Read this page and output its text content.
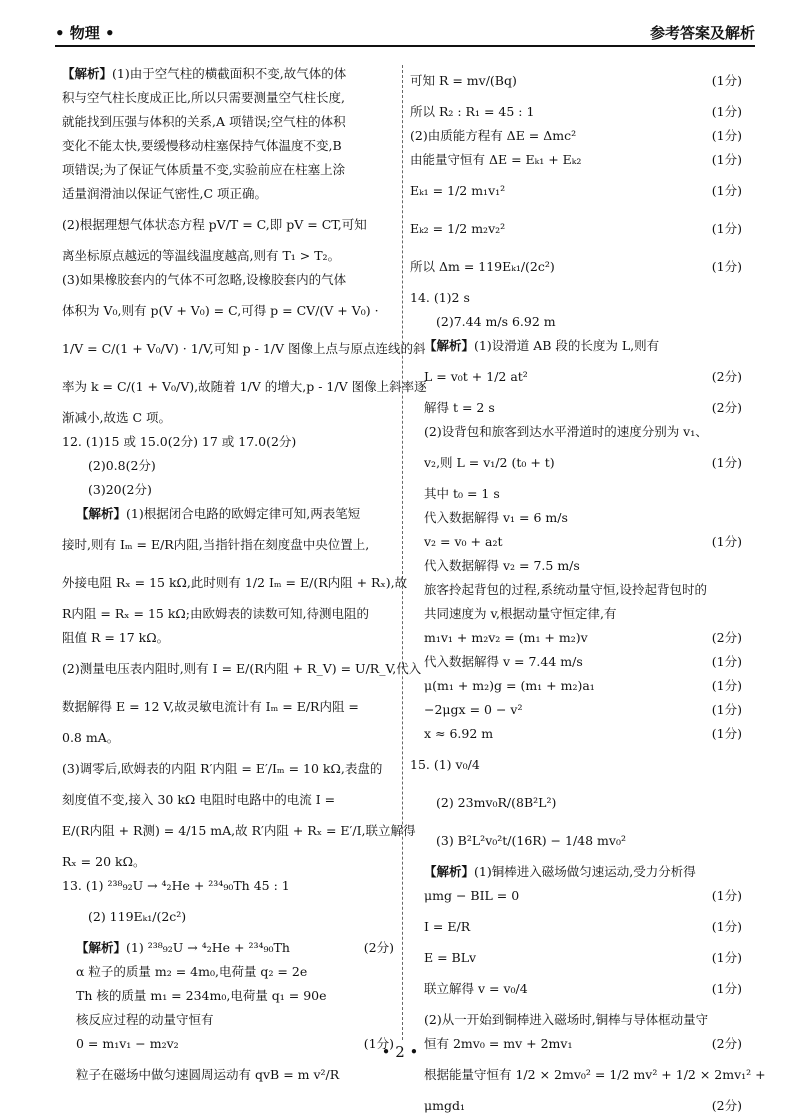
• 物理 •	参考答案及解析
【解析】(1)由于空气柱的横截面积不变,故气体的体
积与空气柱长度成正比,所以只需要测量空气柱长度,
就能找到压强与体积的关系,A 项错误;空气柱的体积
变化不能太快,要缓慢移动柱塞保持气体温度不变,B
项错误;为了保证气体质量不变,实验前应在柱塞上涂
适量润滑油以保证气密性,C 项正确。
(2)根据理想气体状态方程 pV/T = C,即 pV = CT,可知
离坐标原点越远的等温线温度越高,则有 T₁ > T₂。
(3)如果橡胶套内的气体不可忽略,设橡胶套内的气体
体积为 V₀,则有 p(V + V₀) = C,可得 p = CV/(V + V₀) ·
1/V = C/(1 + V₀/V) · 1/V,可知 p - 1/V 图像上点与原点连线的斜
率为 k = C/(1 + V₀/V),故随着 1/V 的增大,p - 1/V 图像上斜率逐
渐减小,故选 C 项。
12. (1)15 或 15.0(2分) 17 或 17.0(2分)
(2)0.8(2分)
(3)20(2分)
【解析】(1)根据闭合电路的欧姆定律可知,两表笔短
接时,则有 Iₘ = E/R内阻,当指针指在刻度盘中央位置上,
外接电阻 Rₓ = 15 kΩ,此时则有 1/2 Iₘ = E/(R内阻 + Rₓ),故
R内阻 = Rₓ = 15 kΩ;由欧姆表的读数可知,待测电阻的
阻值 R = 17 kΩ。
(2)测量电压表内阻时,则有 I = E/(R内阻 + R_V) = U/R_V,代入
数据解得 E = 12 V,故灵敏电流计有 Iₘ = E/R内阻 =
0.8 mA。
(3)调零后,欧姆表的内阻 R′内阻 = E′/Iₘ = 10 kΩ,表盘的
刻度值不变,接入 30 kΩ 电阻时电路中的电流 I =
E/(R内阻 + R测) = 4/15 mA,故 R′内阻 + Rₓ = E′/I,联立解得
Rₓ = 20 kΩ。
13. (1) ²³⁸₉₂U → ⁴₂He + ²³⁴₉₀Th 45 : 1
(2) 119Eₖ₁/(2c²)
【解析】(1) ²³⁸₉₂U → ⁴₂He + ²³⁴₉₀Th	(2分)
α 粒子的质量 m₂ = 4m₀,电荷量 q₂ = 2e
Th 核的质量 m₁ = 234m₀,电荷量 q₁ = 90e
核反应过程的动量守恒有
0 = m₁v₁ − m₂v₂	(1分)
粒子在磁场中做匀速圆周运动有 qvB = m v²/R
可知 R = mv/(Bq)	(1分)
所以 R₂ : R₁ = 45 : 1	(1分)
(2)由质能方程有 ΔE = Δmc²	(1分)
由能量守恒有 ΔE = Eₖ₁ + Eₖ₂	(1分)
Eₖ₁ = 1/2 m₁v₁²	(1分)
Eₖ₂ = 1/2 m₂v₂²	(1分)
所以 Δm = 119Eₖ₁/(2c²)	(1分)
14. (1)2 s
(2)7.44 m/s 6.92 m
【解析】(1)设滑道 AB 段的长度为 L,则有
L = v₀t + 1/2 at²	(2分)
解得 t = 2 s	(2分)
(2)设背包和旅客到达水平滑道时的速度分别为 v₁、
v₂,则 L = v₁/2 (t₀ + t)	(1分)
其中 t₀ = 1 s
代入数据解得 v₁ = 6 m/s
v₂ = v₀ + a₂t	(1分)
代入数据解得 v₂ = 7.5 m/s
旅客拎起背包的过程,系统动量守恒,设拎起背包时的
共同速度为 v,根据动量守恒定律,有
m₁v₁ + m₂v₂ = (m₁ + m₂)v	(2分)
代入数据解得 v = 7.44 m/s	(1分)
μ(m₁ + m₂)g = (m₁ + m₂)a₁	(1分)
−2μgx = 0 − v²	(1分)
x ≈ 6.92 m	(1分)
15. (1) v₀/4
(2) 23mv₀R/(8B²L²)
(3) B²L²v₀²t/(16R) − 1/48 mv₀²
【解析】(1)铜棒进入磁场做匀速运动,受力分析得
μmg − BIL = 0	(1分)
I = E/R	(1分)
E = BLv	(1分)
联立解得 v = v₀/4	(1分)
(2)从一开始到铜棒进入磁场时,铜棒与导体框动量守
恒有 2mv₀ = mv + 2mv₁	(2分)
根据能量守恒有 1/2 × 2mv₀² = 1/2 mv² + 1/2 × 2mv₁² +
μmgd₁	(2分)
• 2 •
